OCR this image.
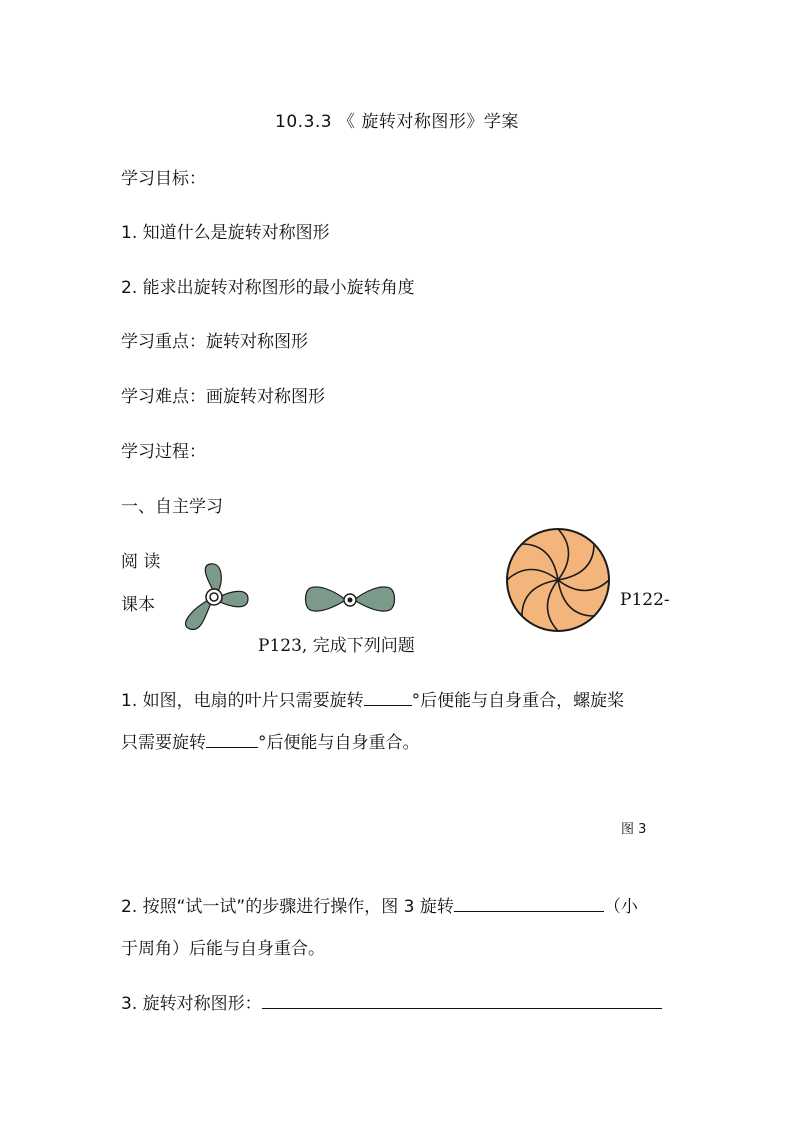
10.3.3 《 旋转对称图形》学案
学习目标：
1. 知道什么是旋转对称图形
2. 能求出旋转对称图形的最小旋转角度
学习重点：旋转对称图形
学习难点：画旋转对称图形
学习过程：
一、自主学习
阅 读
课本	P122-
P123, 完成下列问题
1. 如图，电扇的叶片只需要旋转	°后便能与自身重合，螺旋桨
只需要旋转	°后便能与自身重合。
图 3
2. 按照“试一试”的步骤进行操作，图 3 旋转	（小
于周角）后能与自身重合。
3. 旋转对称图形：
